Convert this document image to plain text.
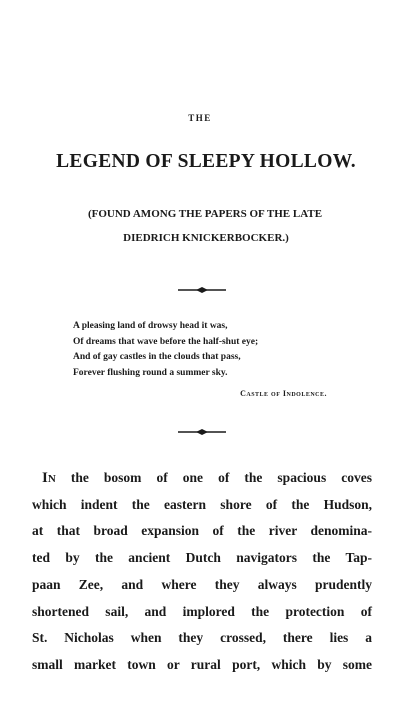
THE
LEGEND OF SLEEPY HOLLOW.
(FOUND AMONG THE PAPERS OF THE LATE
DIEDRICH KNICKERBOCKER.)
A pleasing land of drowsy head it was,
Of dreams that wave before the half-shut eye;
And of gay castles in the clouds that pass,
Forever flushing round a summer sky.
Castle of Indolence.
In the bosom of one of the spacious coves
which indent the eastern shore of the Hudson,
at that broad expansion of the river denomina-
ted by the ancient Dutch navigators the Tap-
paan Zee, and where they always prudently
shortened sail, and implored the protection of
St. Nicholas when they crossed, there lies a
small market town or rural port, which by some
